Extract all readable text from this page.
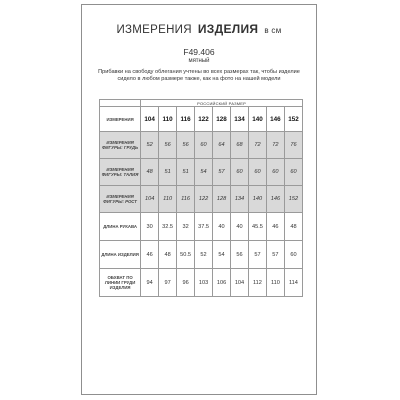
ИЗМЕРЕНИЯ ИЗДЕЛИЯ в см
F49.406
мятный
Прибавки на свободу облегания учтены во всех размерах так, чтобы изделие сидело в любом размере также, как на фото на нашей модели
	РОССИЙСКИЙ РАЗМЕР								
ИЗМЕРЕНИЯ	104	110	116	122	128	134	140	146	152
ИЗМЕРЕНИЯ ФИГУРЫ: ГРУДЬ	52	56	56	60	64	68	72	72	76
ИЗМЕРЕНИЯ ФИГУРЫ: ТАЛИЯ	48	51	51	54	57	60	60	60	60
ИЗМЕРЕНИЯ ФИГУРЫ: РОСТ	104	110	116	122	128	134	140	146	152
ДЛИНА РУКАВА	30	32.5	32	37.5	40	40	45.5	46	48
ДЛИНА ИЗДЕЛИЯ	46	48	50.5	52	54	56	57	57	60
ОБХВАТ ПО ЛИНИИ ГРУДИ ИЗДЕЛИЯ	94	97	96	103	106	104	112	110	114
